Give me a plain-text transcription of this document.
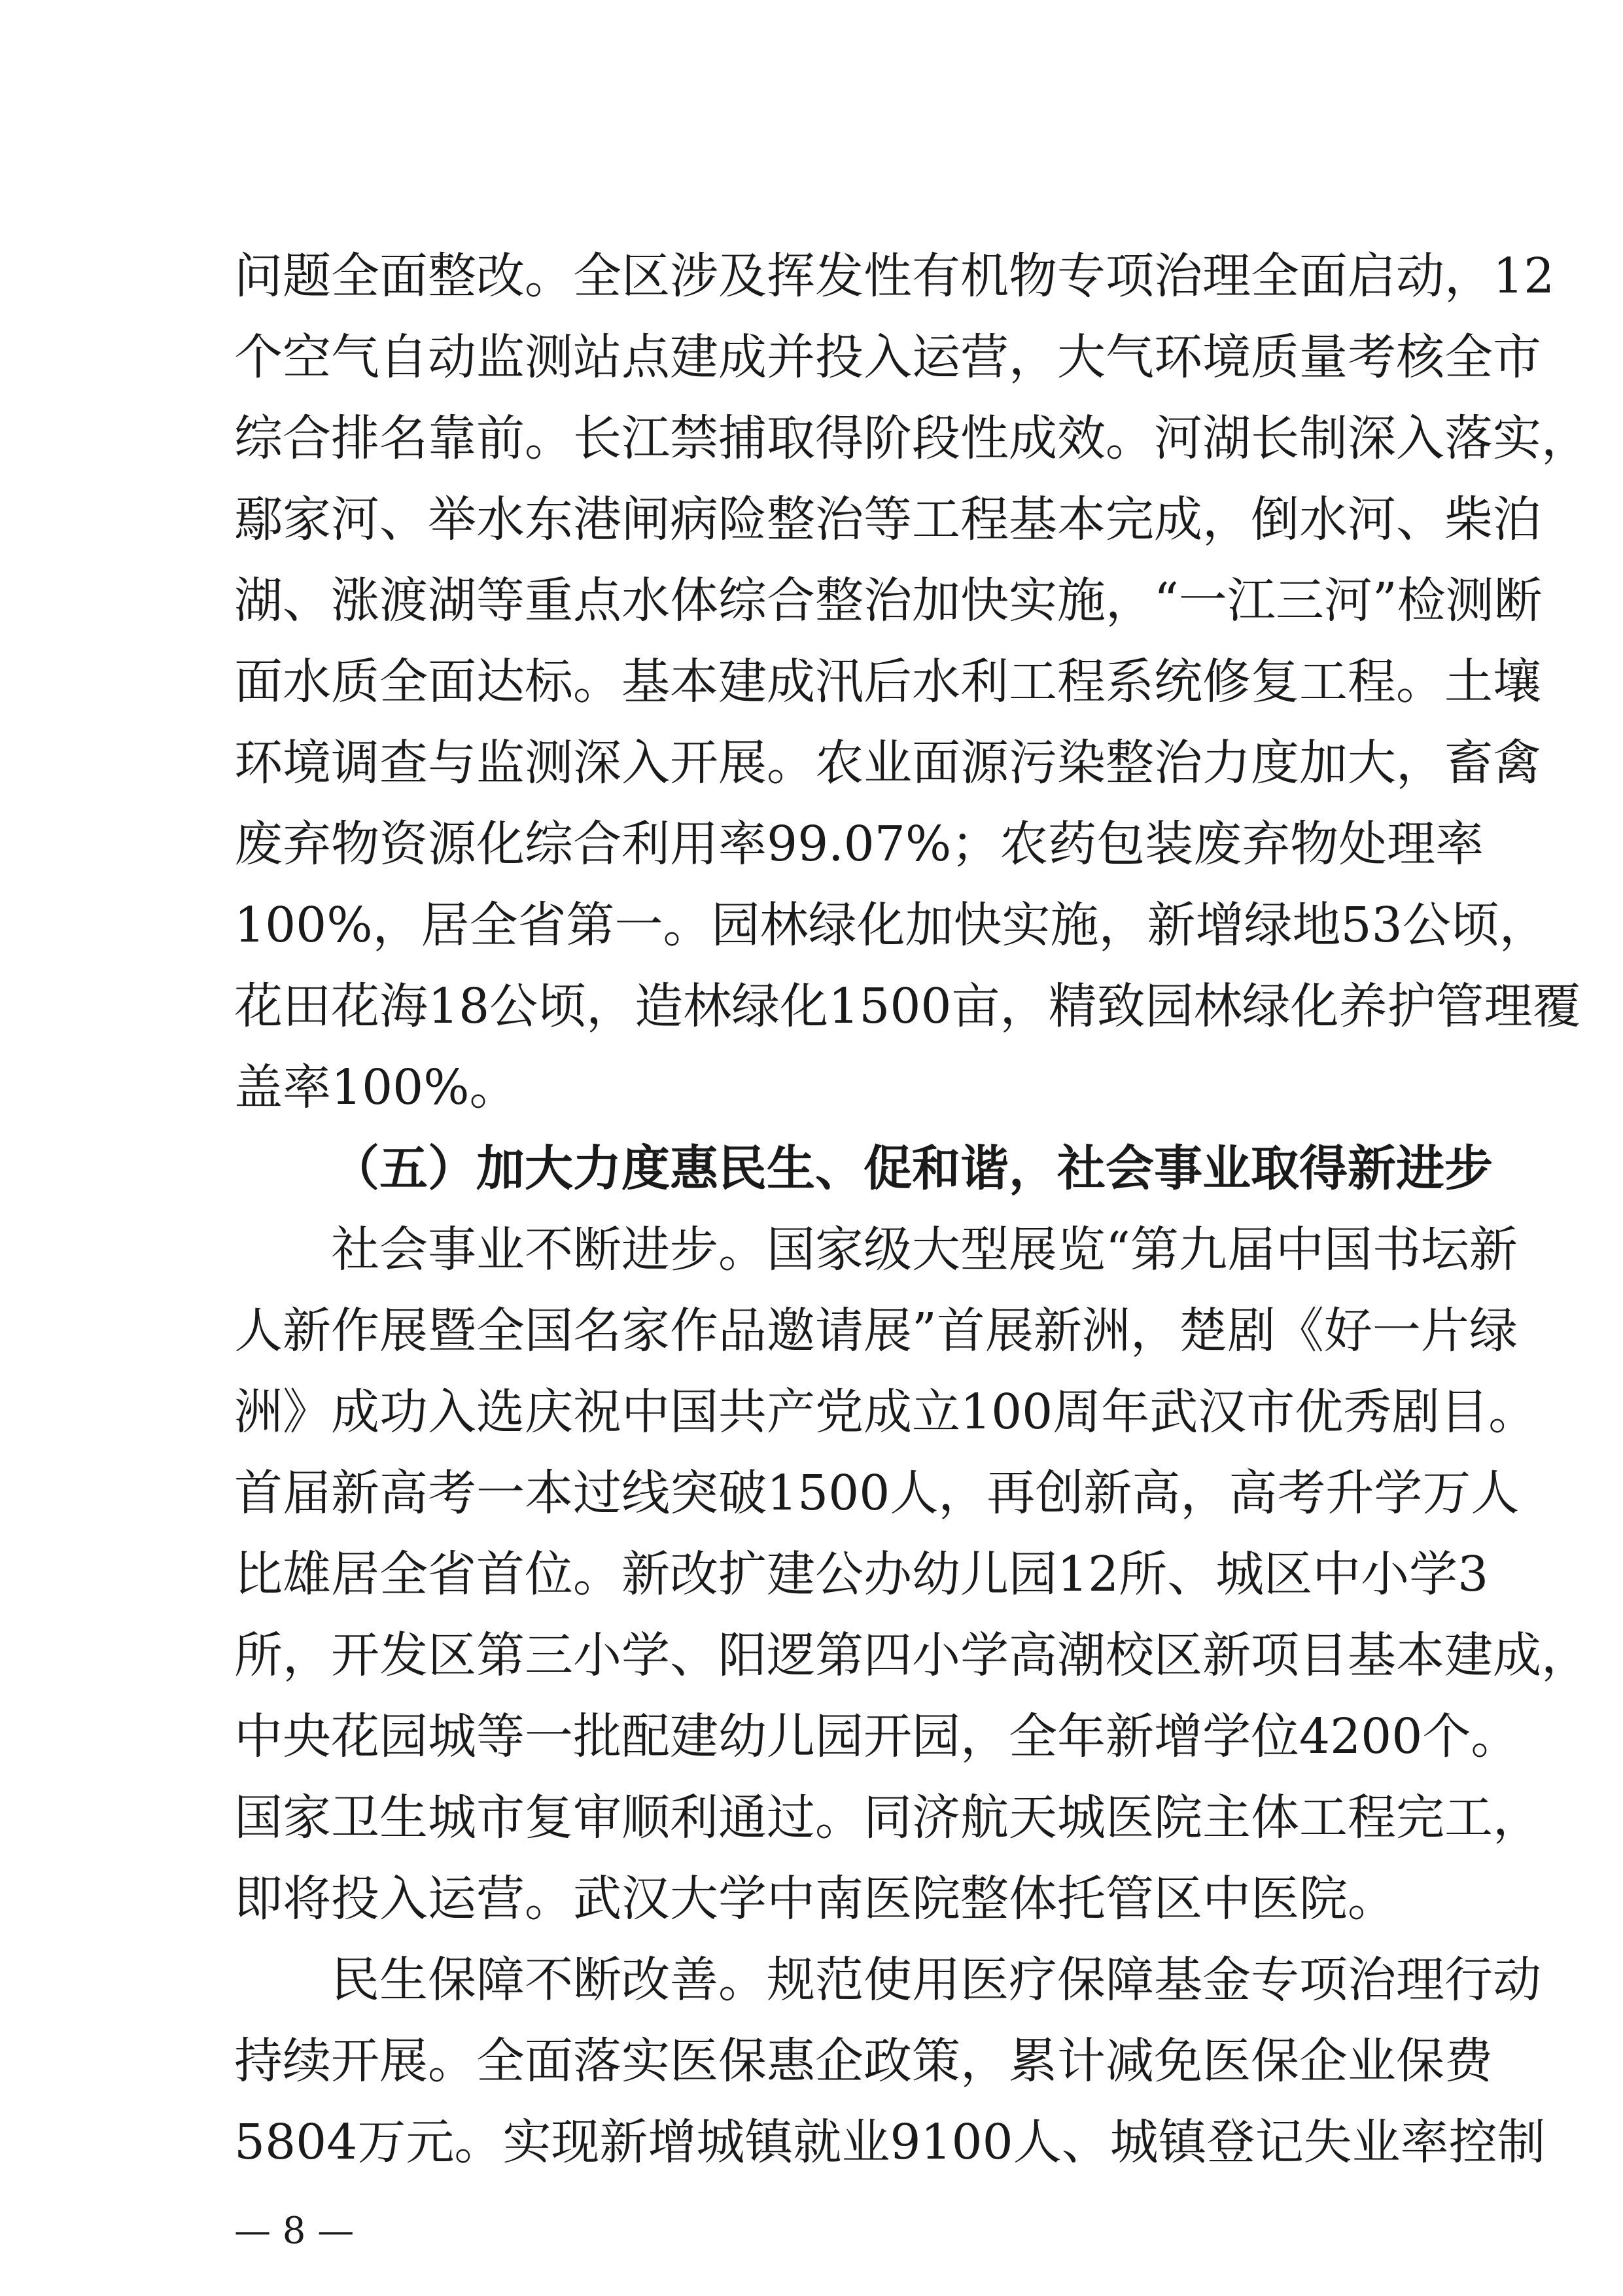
问题全面整改。全区涉及挥发性有机物专项治理全面启动，12
个空气自动监测站点建成并投入运营，大气环境质量考核全市
综合排名靠前。长江禁捕取得阶段性成效。河湖长制深入落实，
鄢家河、举水东港闸病险整治等工程基本完成，倒水河、柴泊
湖、涨渡湖等重点水体综合整治加快实施，“一江三河”检测断
面水质全面达标。基本建成汛后水利工程系统修复工程。土壤
环境调查与监测深入开展。农业面源污染整治力度加大，畜禽
废弃物资源化综合利用率99.07%；农药包装废弃物处理率
100%，居全省第一。园林绿化加快实施，新增绿地53公顷，
花田花海18公顷，造林绿化1500亩，精致园林绿化养护管理覆
盖率100%。
（五）加大力度惠民生、促和谐，社会事业取得新进步
社会事业不断进步。国家级大型展览“第九届中国书坛新
人新作展暨全国名家作品邀请展”首展新洲，楚剧《好一片绿
洲》成功入选庆祝中国共产党成立100周年武汉市优秀剧目。
首届新高考一本过线突破1500人，再创新高，高考升学万人
比雄居全省首位。新改扩建公办幼儿园12所、城区中小学3
所，开发区第三小学、阳逻第四小学高潮校区新项目基本建成，
中央花园城等一批配建幼儿园开园，全年新增学位4200个。
国家卫生城市复审顺利通过。同济航天城医院主体工程完工，
即将投入运营。武汉大学中南医院整体托管区中医院。
民生保障不断改善。规范使用医疗保障基金专项治理行动
持续开展。全面落实医保惠企政策，累计减免医保企业保费
5804万元。实现新增城镇就业9100人、城镇登记失业率控制
— 8 —
